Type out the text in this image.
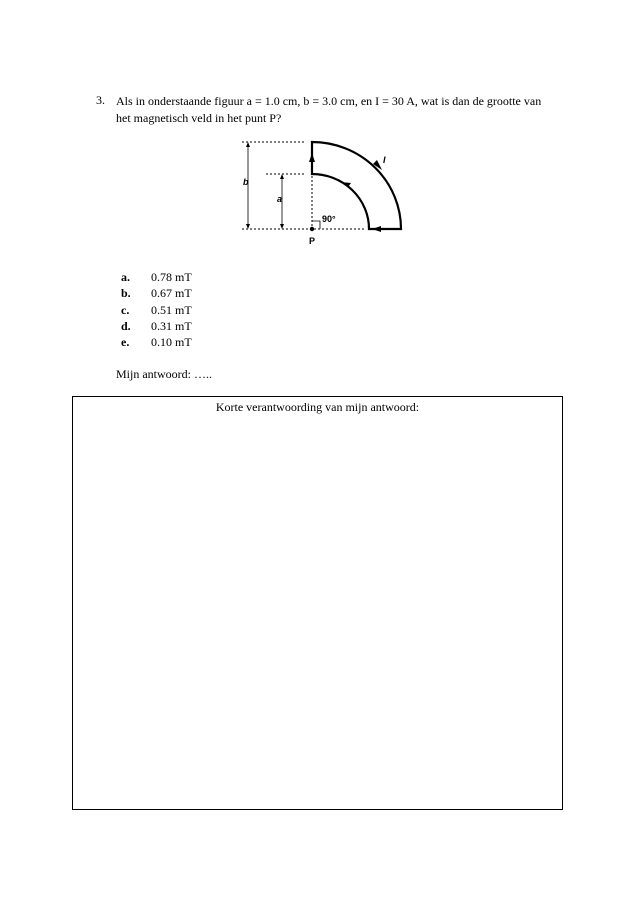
3. Als in onderstaande figuur a = 1.0 cm, b = 3.0 cm, en I = 30 A, wat is dan de grootte van het magnetisch veld in het punt P?
b
a
I
90°
P
a. 0.78 mT
b. 0.67 mT
c. 0.51 mT
d. 0.31 mT
e. 0.10 mT
Mijn antwoord: …..
Korte verantwoording van mijn antwoord:
